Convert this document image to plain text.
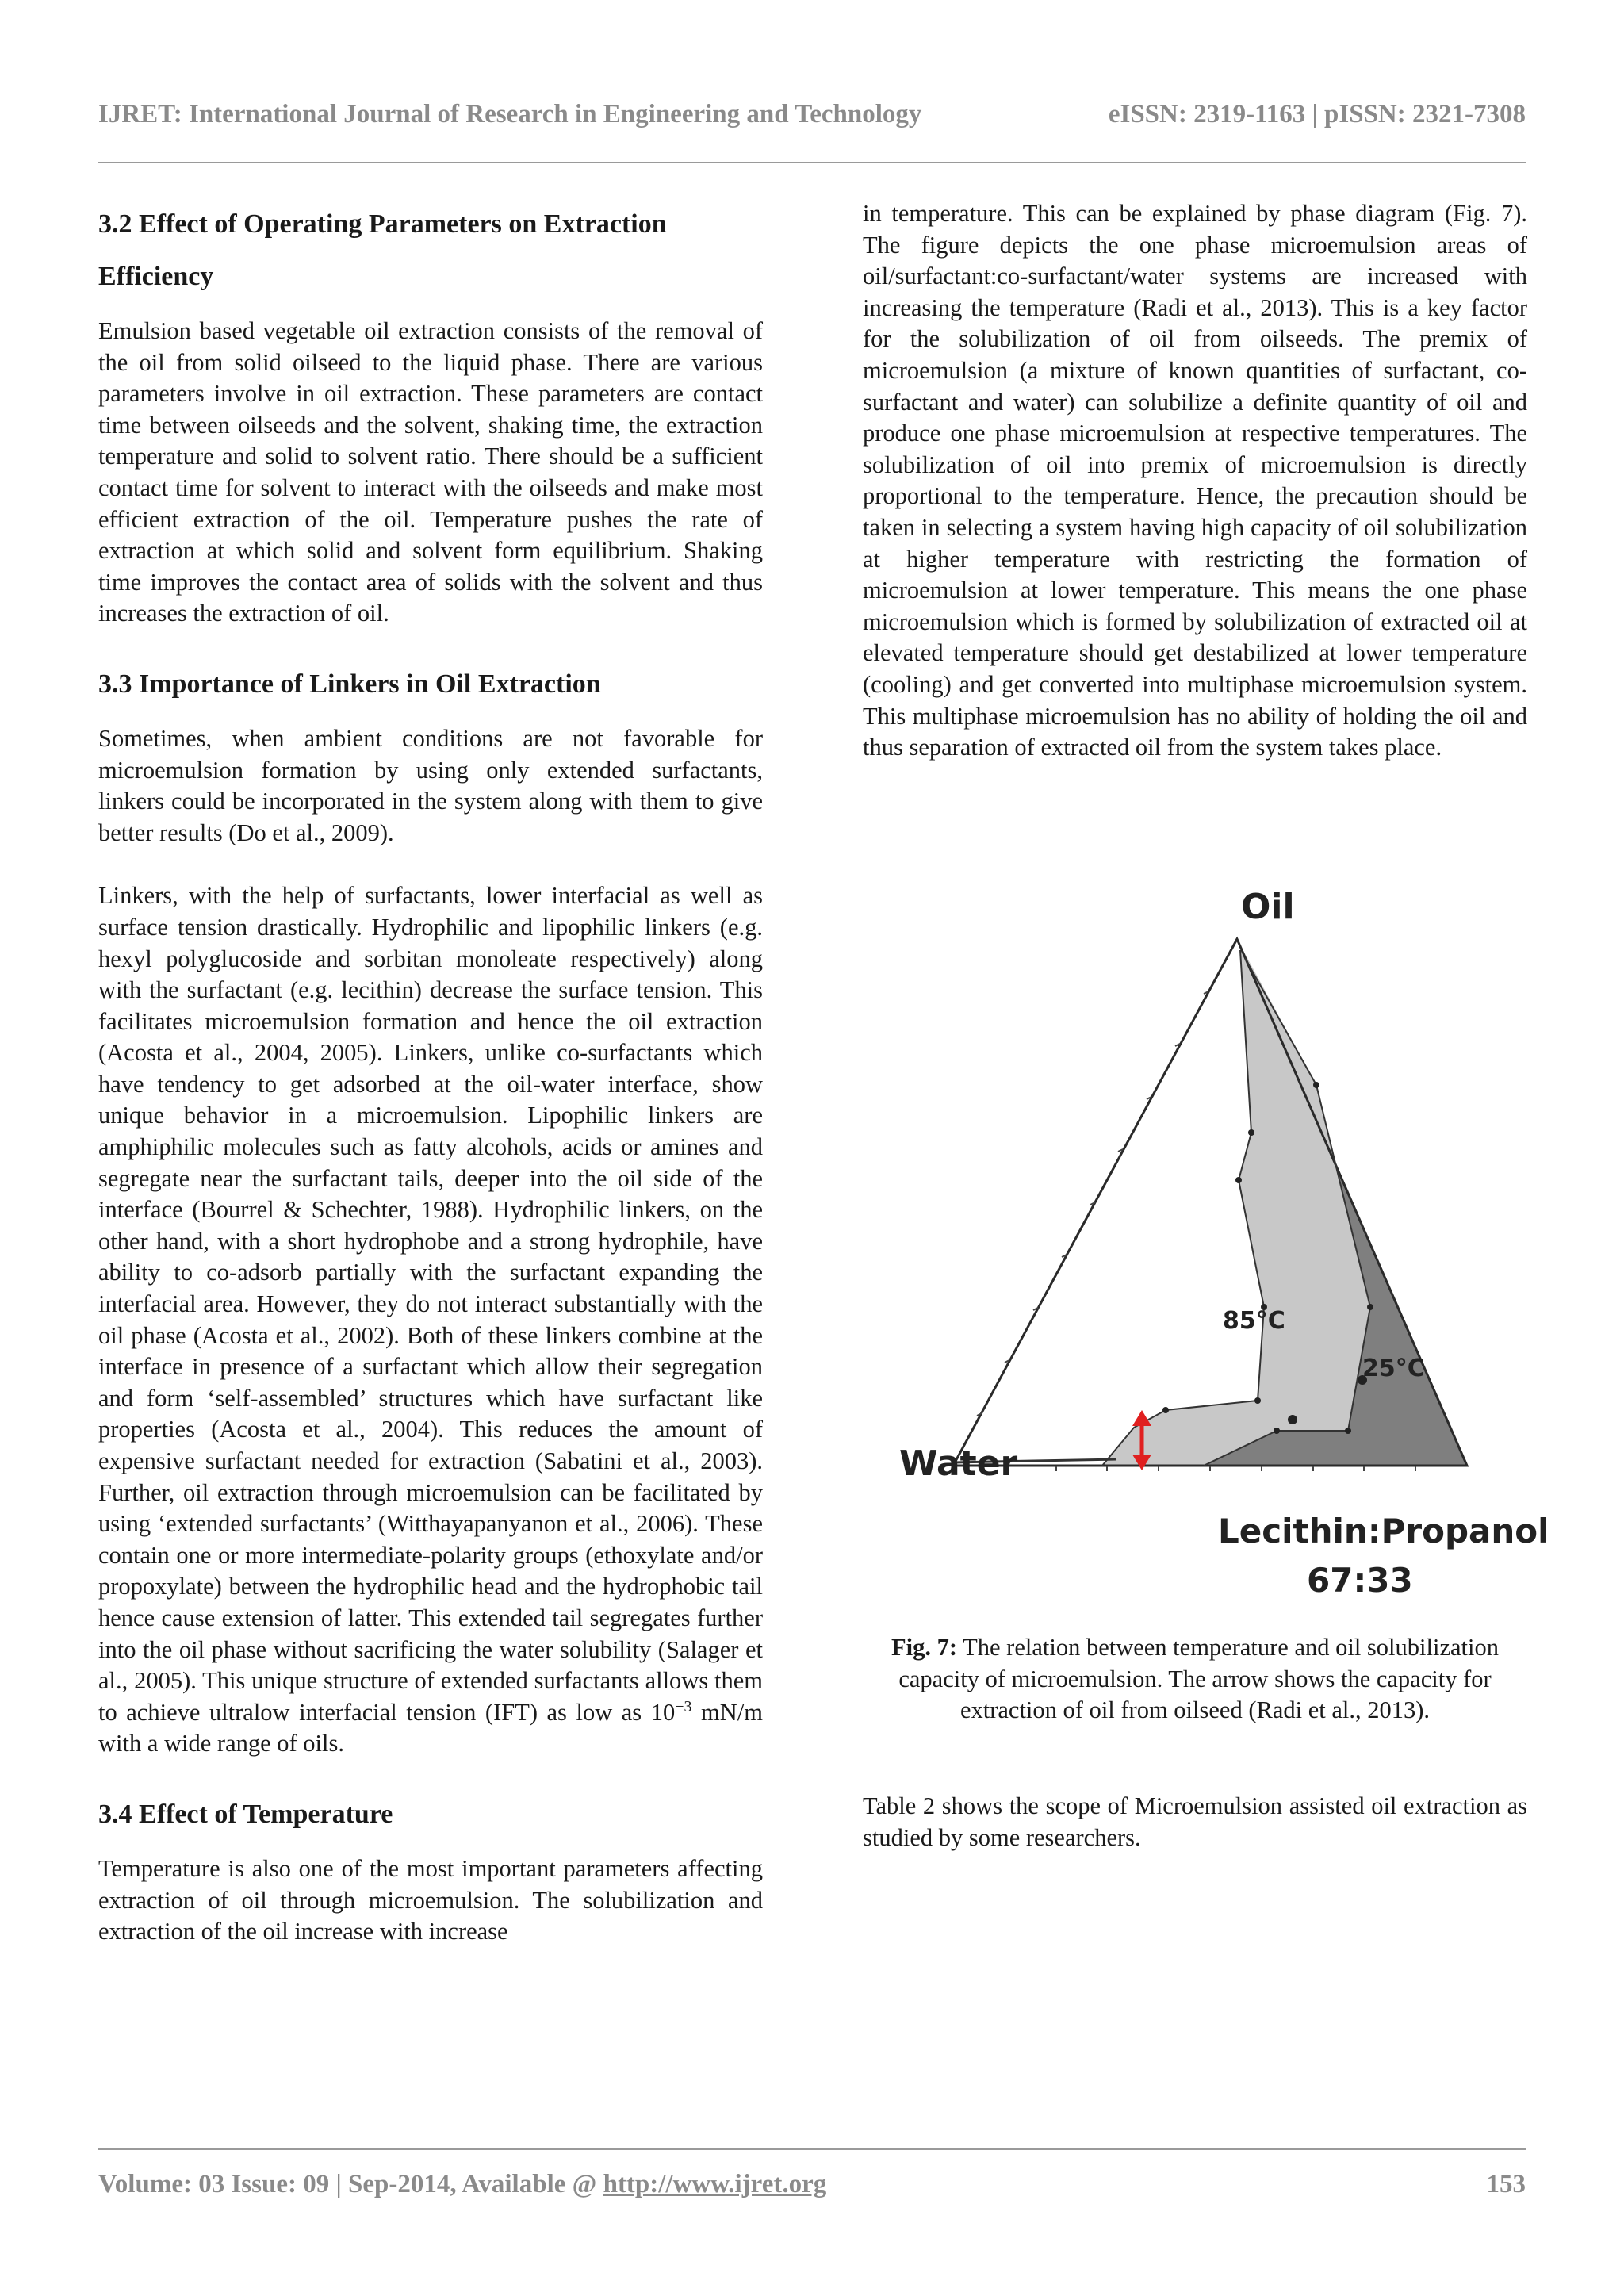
IJRET: International Journal of Research in Engineering and Technology	eISSN: 2319-1163 | pISSN: 2321-7308
3.2 Effect of Operating Parameters on Extraction Efficiency

Emulsion based vegetable oil extraction consists of the removal of the oil from solid oilseed to the liquid phase. There are various parameters involve in oil extraction. These parameters are contact time between oilseeds and the solvent, shaking time, the extraction temperature and solid to solvent ratio. There should be a sufficient contact time for solvent to interact with the oilseeds and make most efficient extraction of the oil. Temperature pushes the rate of extraction at which solid and solvent form equilibrium. Shaking time improves the contact area of solids with the solvent and thus increases the extraction of oil.

3.3 Importance of Linkers in Oil Extraction

Sometimes, when ambient conditions are not favorable for microemulsion formation by using only extended surfactants, linkers could be incorporated in the system along with them to give better results (Do et al., 2009).

Linkers, with the help of surfactants, lower interfacial as well as surface tension drastically. Hydrophilic and lipophilic linkers (e.g. hexyl polyglucoside and sorbitan monoleate respectively) along with the surfactant (e.g. lecithin) decrease the surface tension. This facilitates microemulsion formation and hence the oil extraction (Acosta et al., 2004, 2005). Linkers, unlike co-surfactants which have tendency to get adsorbed at the oil-water interface, show unique behavior in a microemulsion. Lipophilic linkers are amphiphilic molecules such as fatty alcohols, acids or amines and segregate near the surfactant tails, deeper into the oil side of the interface (Bourrel & Schechter, 1988). Hydrophilic linkers, on the other hand, with a short hydrophobe and a strong hydrophile, have ability to co-adsorb partially with the surfactant expanding the interfacial area. However, they do not interact substantially with the oil phase (Acosta et al., 2002). Both of these linkers combine at the interface in presence of a surfactant which allow their segregation and form ‘self-assembled’ structures which have surfactant like properties (Acosta et al., 2004). This reduces the amount of expensive surfactant needed for extraction (Sabatini et al., 2003). Further, oil extraction through microemulsion can be facilitated by using ‘extended surfactants’ (Witthayapanyanon et al., 2006). These contain one or more intermediate-polarity groups (ethoxylate and/or propoxylate) between the hydrophilic head and the hydrophobic tail hence cause extension of latter. This extended tail segregates further into the oil phase without sacrificing the water solubility (Salager et al., 2005). This unique structure of extended surfactants allows them to achieve ultralow interfacial tension (IFT) as low as $10^{-3}$ mN/m with a wide range of oils.

3.4 Effect of Temperature

Temperature is also one of the most important parameters affecting extraction of oil through microemulsion. The solubilization and extraction of the oil increase with increase

in temperature. This can be explained by phase diagram (Fig. 7). The figure depicts the one phase microemulsion areas of oil/surfactant:co-surfactant/water systems are increased with increasing the temperature (Radi et al., 2013). This is a key factor for the solubilization of oil from oilseeds. The premix of microemulsion (a mixture of known quantities of surfactant, co-surfactant and water) can solubilize a definite quantity of oil and produce one phase microemulsion at respective temperatures. The solubilization of oil into premix of microemulsion is directly proportional to the temperature. Hence, the precaution should be taken in selecting a system having high capacity of oil solubilization at higher temperature with restricting the formation of microemulsion at lower temperature. This means the one phase microemulsion which is formed by solubilization of extracted oil at elevated temperature should get destabilized at lower temperature (cooling) and get converted into multiphase microemulsion system. This multiphase microemulsion has no ability of holding the oil and thus separation of extracted oil from the system takes place.

Oil
Water
85°C
25°C
Lecithin:Propanol
67:33
Fig. 7: The relation between temperature and oil solubilization capacity of microemulsion. The arrow shows the capacity for extraction of oil from oilseed (Radi et al., 2013).
Table 2 shows the scope of Microemulsion assisted oil extraction as studied by some researchers.
Volume: 03 Issue: 09 | Sep-2014, Available @ http://www.ijret.org	153
